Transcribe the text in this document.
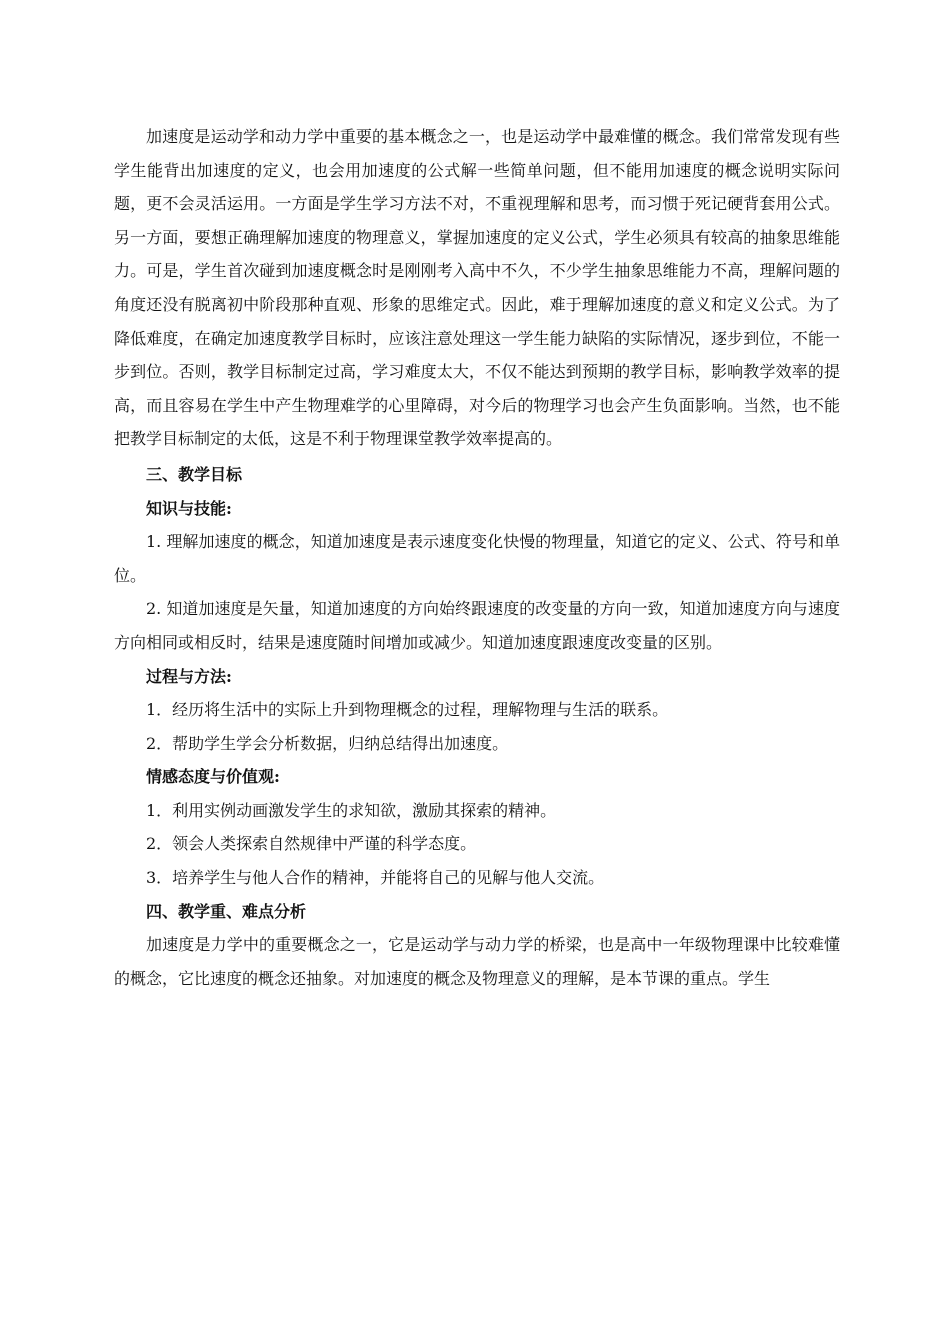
加速度是运动学和动力学中重要的基本概念之一，也是运动学中最难懂的概念。我们常常发现有些学生能背出加速度的定义，也会用加速度的公式解一些简单问题，但不能用加速度的概念说明实际问题，更不会灵活运用。一方面是学生学习方法不对，不重视理解和思考，而习惯于死记硬背套用公式。另一方面，要想正确理解加速度的物理意义，掌握加速度的定义公式，学生必须具有较高的抽象思维能力。可是，学生首次碰到加速度概念时是刚刚考入高中不久，不少学生抽象思维能力不高，理解问题的角度还没有脱离初中阶段那种直观、形象的思维定式。因此，难于理解加速度的意义和定义公式。为了降低难度，在确定加速度教学目标时，应该注意处理这一学生能力缺陷的实际情况，逐步到位，不能一步到位。否则，教学目标制定过高，学习难度太大，不仅不能达到预期的教学目标，影响教学效率的提高，而且容易在学生中产生物理难学的心里障碍，对今后的物理学习也会产生负面影响。当然，也不能把教学目标制定的太低，这是不利于物理课堂教学效率提高的。

三、教学目标

知识与技能:

1. 理解加速度的概念，知道加速度是表示速度变化快慢的物理量，知道它的定义、公式、符号和单位。

2. 知道加速度是矢量，知道加速度的方向始终跟速度的改变量的方向一致，知道加速度方向与速度方向相同或相反时，结果是速度随时间增加或减少。知道加速度跟速度改变量的区别。

过程与方法:

1．经历将生活中的实际上升到物理概念的过程，理解物理与生活的联系。

2．帮助学生学会分析数据，归纳总结得出加速度。

情感态度与价值观:

1．利用实例动画激发学生的求知欲，激励其探索的精神。

2．领会人类探索自然规律中严谨的科学态度。

3．培养学生与他人合作的精神，并能将自己的见解与他人交流。

四、教学重、难点分析

加速度是力学中的重要概念之一，它是运动学与动力学的桥梁，也是高中一年级物理课中比较难懂的概念，它比速度的概念还抽象。对加速度的概念及物理意义的理解，是本节课的重点。学生
